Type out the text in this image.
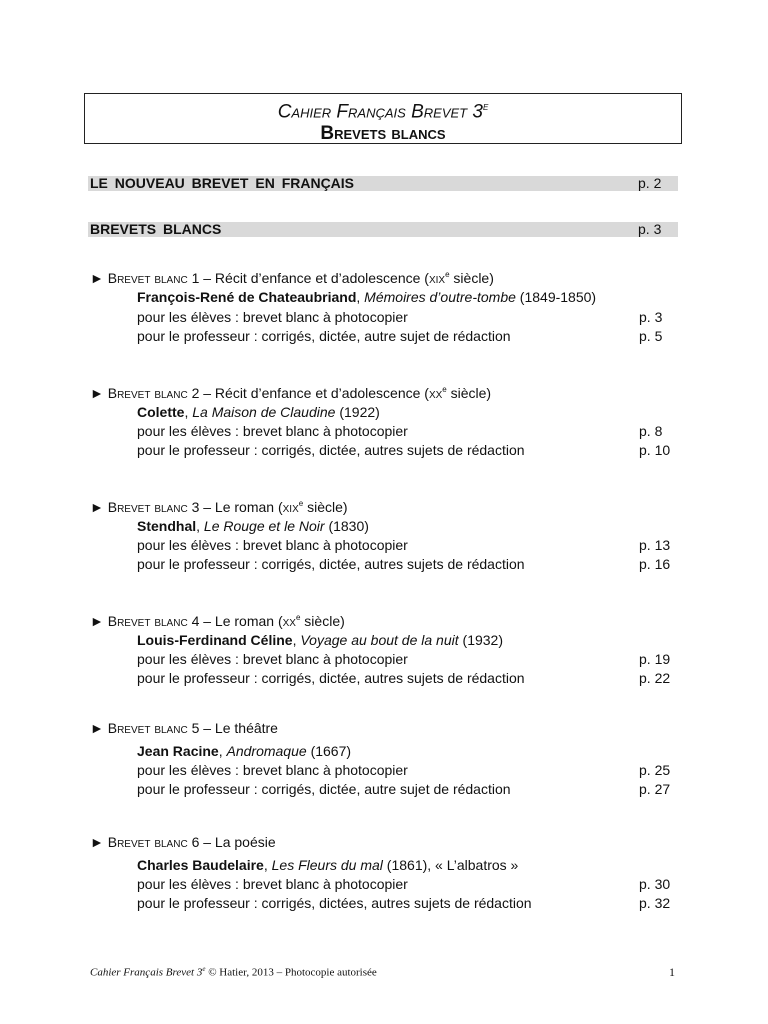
Cahier Français Brevet 3e
Brevets blancs
LE NOUVEAU BREVET EN FRANÇAIS	p. 2
BREVETS BLANCS	p. 3
► Brevet blanc 1 – Récit d’enfance et d’adolescence (xix$^e$ siècle)
François-René de Chateaubriand, Mémoires d’outre-tombe (1849-1850)
pour les élèves : brevet blanc à photocopier	p. 3
pour le professeur : corrigés, dictée, autre sujet de rédaction	p. 5
► Brevet blanc 2 – Récit d’enfance et d’adolescence ($xx^e$ siècle)
Colette, La Maison de Claudine (1922)
pour les élèves : brevet blanc à photocopier	p. 8
pour le professeur : corrigés, dictée, autres sujets de rédaction	p. 10
► Brevet blanc 3 – Le roman (xix$^e$ siècle)
Stendhal, Le Rouge et le Noir (1830)
pour les élèves : brevet blanc à photocopier	p. 13
pour le professeur : corrigés, dictée, autres sujets de rédaction	p. 16
► Brevet blanc 4 – Le roman ($xx^e$ siècle)
Louis-Ferdinand Céline, Voyage au bout de la nuit (1932)
pour les élèves : brevet blanc à photocopier	p. 19
pour le professeur : corrigés, dictée, autres sujets de rédaction	p. 22
► Brevet blanc 5 – Le théâtre
Jean Racine, Andromaque (1667)
pour les élèves : brevet blanc à photocopier	p. 25
pour le professeur : corrigés, dictée, autre sujet de rédaction	p. 27
► Brevet blanc 6 – La poésie
Charles Baudelaire, Les Fleurs du mal (1861), « L’albatros »
pour les élèves : brevet blanc à photocopier	p. 30
pour le professeur : corrigés, dictées, autres sujets de rédaction	p. 32
Cahier Français Brevet 3e © Hatier, 2013 – Photocopie autorisée	1
